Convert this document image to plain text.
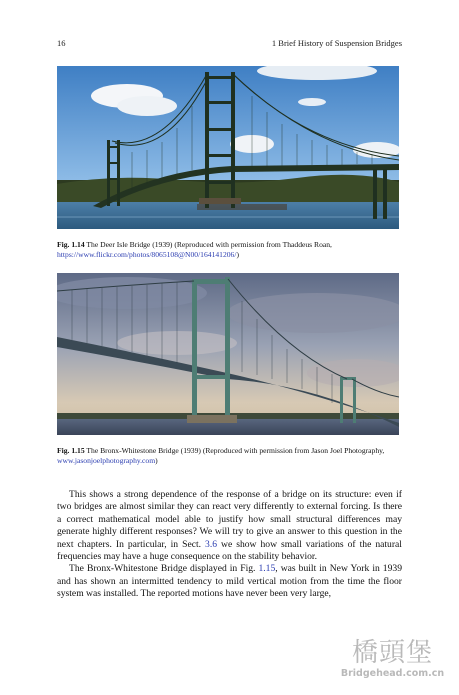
16	1 Brief History of Suspension Bridges
Fig. 1.14 The Deer Isle Bridge (1939) (Reproduced with permission from Thaddeus Roan, https://www.flickr.com/photos/8065108@N00/164141206/)
Fig. 1.15 The Bronx-Whitestone Bridge (1939) (Reproduced with permission from Jason Joel Photography, www.jasonjoelphotography.com)

This shows a strong dependence of the response of a bridge on its structure: even if two bridges are almost similar they can react very differently to external forcing. Is there a correct mathematical model able to justify how small structural differences may generate highly different responses? We will try to give an answer to this question in the next chapters. In particular, in Sect. 3.6 we show how small variations of the natural frequencies may have a huge consequence on the stability behavior.

The Bronx-Whitestone Bridge displayed in Fig. 1.15, was built in New York in 1939 and has shown an intermitted tendency to mild vertical motion from the time the floor system was installed. The reported motions have never been very large,

橋頭堡
Bridgehead.com.cn
